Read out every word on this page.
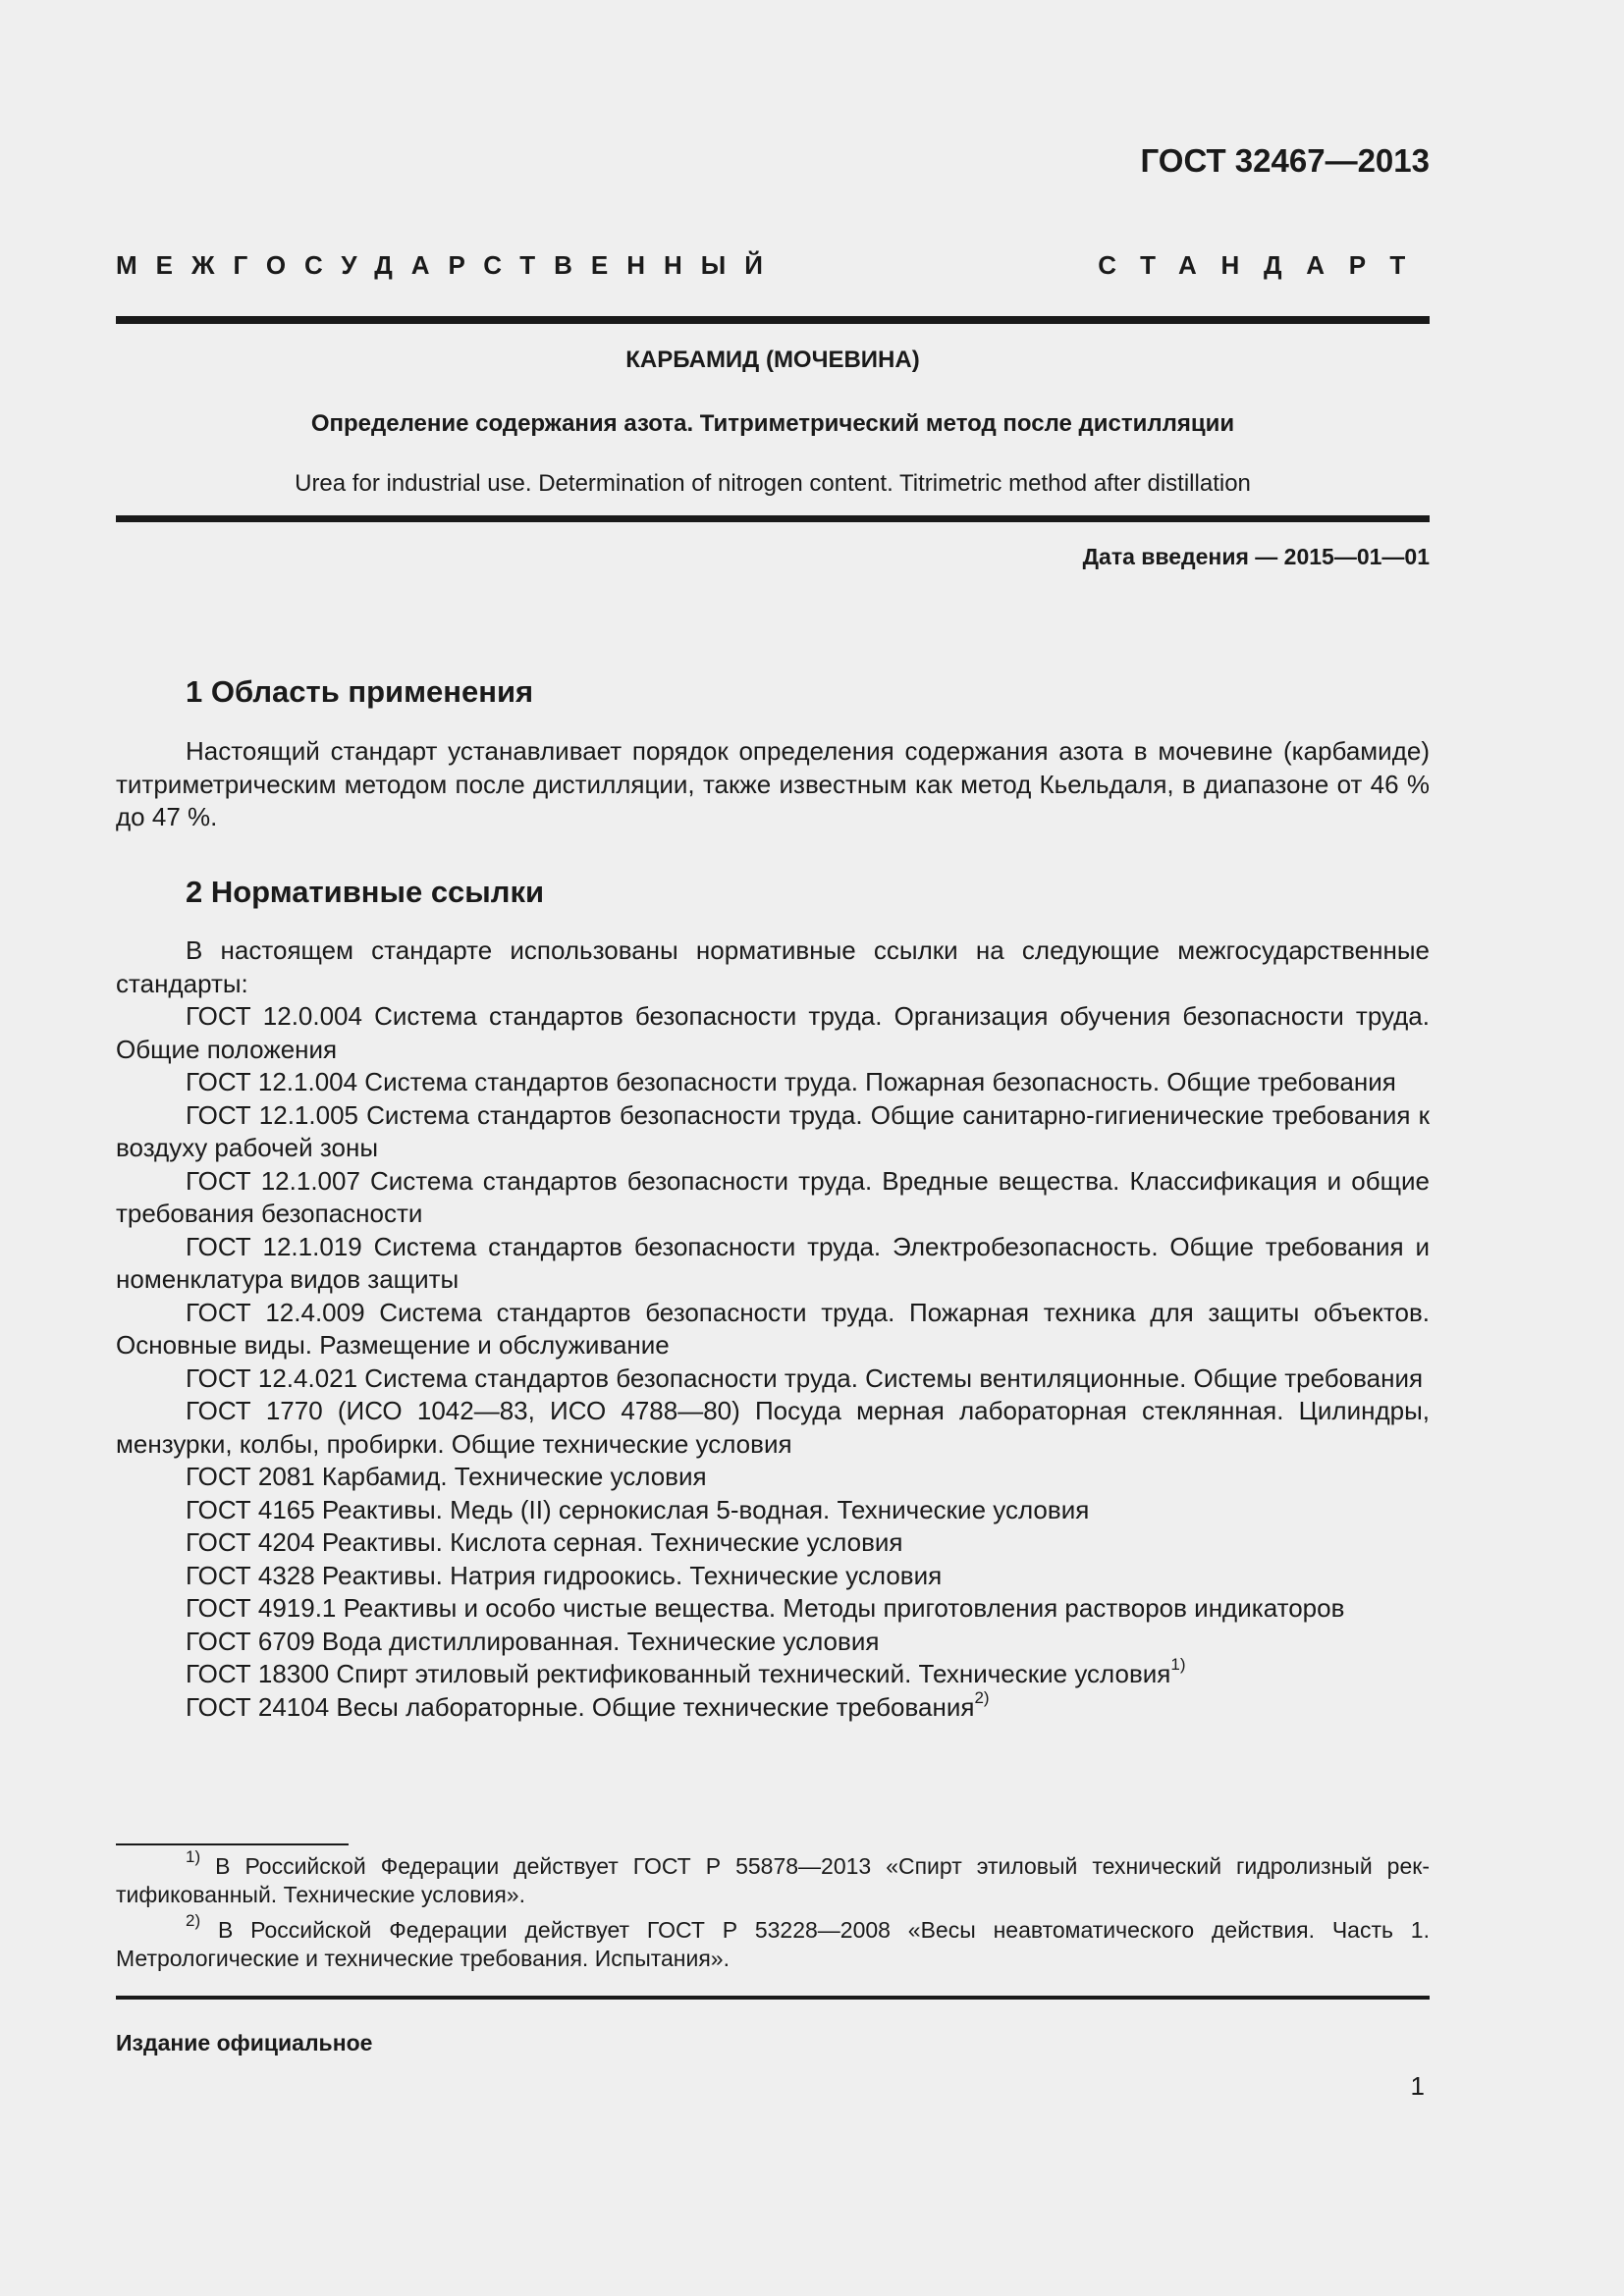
ГОСТ 32467—2013
МЕЖГОСУДАРСТВЕННЫЙ	СТАНДАРТ
КАРБАМИД (МОЧЕВИНА)
Определение содержания азота. Титриметрический метод после дистилляции
Urea for industrial use. Determination of nitrogen content. Titrimetric method after distillation
Дата введения — 2015—01—01
1 Область применения

Настоящий стандарт устанавливает порядок определения содержания азота в мочевине (карбамиде) титриметрическим методом после дистилляции, также известным как метод Кьельдаля, в диапазоне от 46 % до 47 %.

2 Нормативные ссылки

В настоящем стандарте использованы нормативные ссылки на следующие межгосударственные стандарты:

ГОСТ 12.0.004 Система стандартов безопасности труда. Организация обучения безопасности труда. Общие положения
ГОСТ 12.1.004 Система стандартов безопасности труда. Пожарная безопасность. Общие требования
ГОСТ 12.1.005 Система стандартов безопасности труда. Общие санитарно-гигиенические требования к воздуху рабочей зоны
ГОСТ 12.1.007 Система стандартов безопасности труда. Вредные вещества. Классификация и общие требования безопасности
ГОСТ 12.1.019 Система стандартов безопасности труда. Электробезопасность. Общие требования и номенклатура видов защиты
ГОСТ 12.4.009 Система стандартов безопасности труда. Пожарная техника для защиты объектов. Основные виды. Размещение и обслуживание
ГОСТ 12.4.021 Система стандартов безопасности труда. Системы вентиляционные. Общие требования
ГОСТ 1770 (ИСО 1042—83, ИСО 4788—80) Посуда мерная лабораторная стеклянная. Цилиндры, мензурки, колбы, пробирки. Общие технические условия
ГОСТ 2081 Карбамид. Технические условия
ГОСТ 4165 Реактивы. Медь (II) сернокислая 5-водная. Технические условия
ГОСТ 4204 Реактивы. Кислота серная. Технические условия
ГОСТ 4328 Реактивы. Натрия гидроокись. Технические условия
ГОСТ 4919.1 Реактивы и особо чистые вещества. Методы приготовления растворов индикаторов
ГОСТ 6709 Вода дистиллированная. Технические условия
ГОСТ 18300 Спирт этиловый ректификованный технический. Технические условия$^{1)}$
ГОСТ 24104 Весы лабораторные. Общие технические требования$^{2)}$

$^{1)}$ В Российской Федерации действует ГОСТ Р 55878—2013 «Спирт этиловый технический гидролизный ректификованный. Технические условия».

$^{2)}$ В Российской Федерации действует ГОСТ Р 53228—2008 «Весы неавтоматического действия. Часть 1. Метрологические и технические требования. Испытания».

Издание официальное
1
